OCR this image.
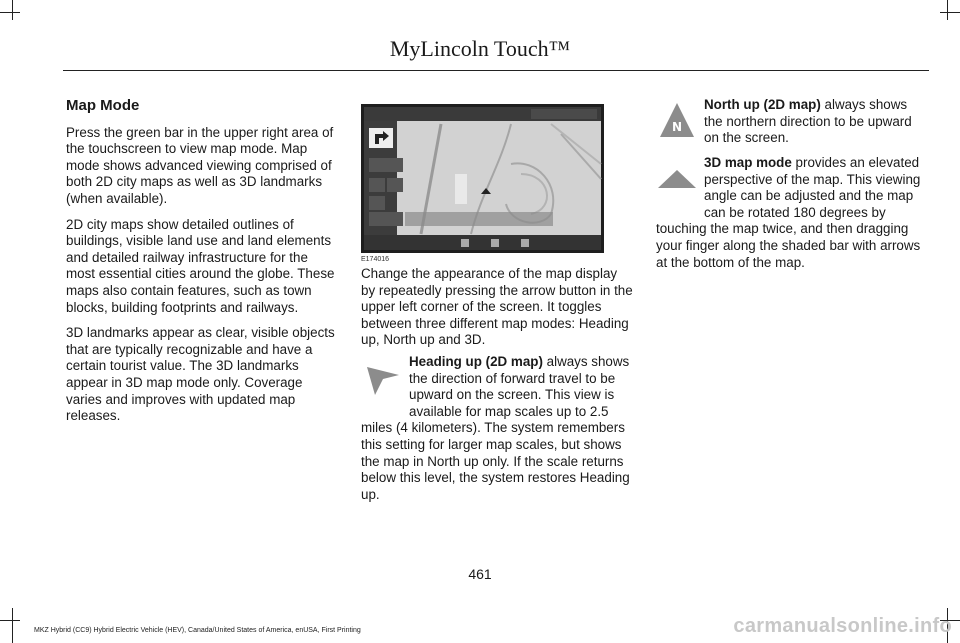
MyLincoln Touch™
Map Mode

Press the green bar in the upper right area of the touchscreen to view map mode. Map mode shows advanced viewing comprised of both 2D city maps as well as 3D landmarks (when available).

2D city maps show detailed outlines of buildings, visible land use and land elements and detailed railway infrastructure for the most essential cities around the globe. These maps also contain features, such as town blocks, building footprints and railways.

3D landmarks appear as clear, visible objects that are typically recognizable and have a certain tourist value. The 3D landmarks appear in 3D map mode only. Coverage varies and improves with updated map releases.

E174016

Change the appearance of the map display by repeatedly pressing the arrow button in the upper left corner of the screen. It toggles between three different map modes: Heading up, North up and 3D.

Heading up (2D map) always shows the direction of forward travel to be upward on the screen. This view is available for map scales up to 2.5 miles (4 kilometers). The system remembers this setting for larger map scales, but shows the map in North up only. If the scale returns below this level, the system restores Heading up.
N
North up (2D map) always shows the northern direction to be upward on the screen.
3D map mode provides an elevated perspective of the map. This viewing angle can be adjusted and the map can be rotated 180 degrees by touching the map twice, and then dragging your finger along the shaded bar with arrows at the bottom of the map.
461
MKZ Hybrid (CC9) Hybrid Electric Vehicle (HEV), Canada/United States of America, enUSA, First Printing	carmanualsonline.info
